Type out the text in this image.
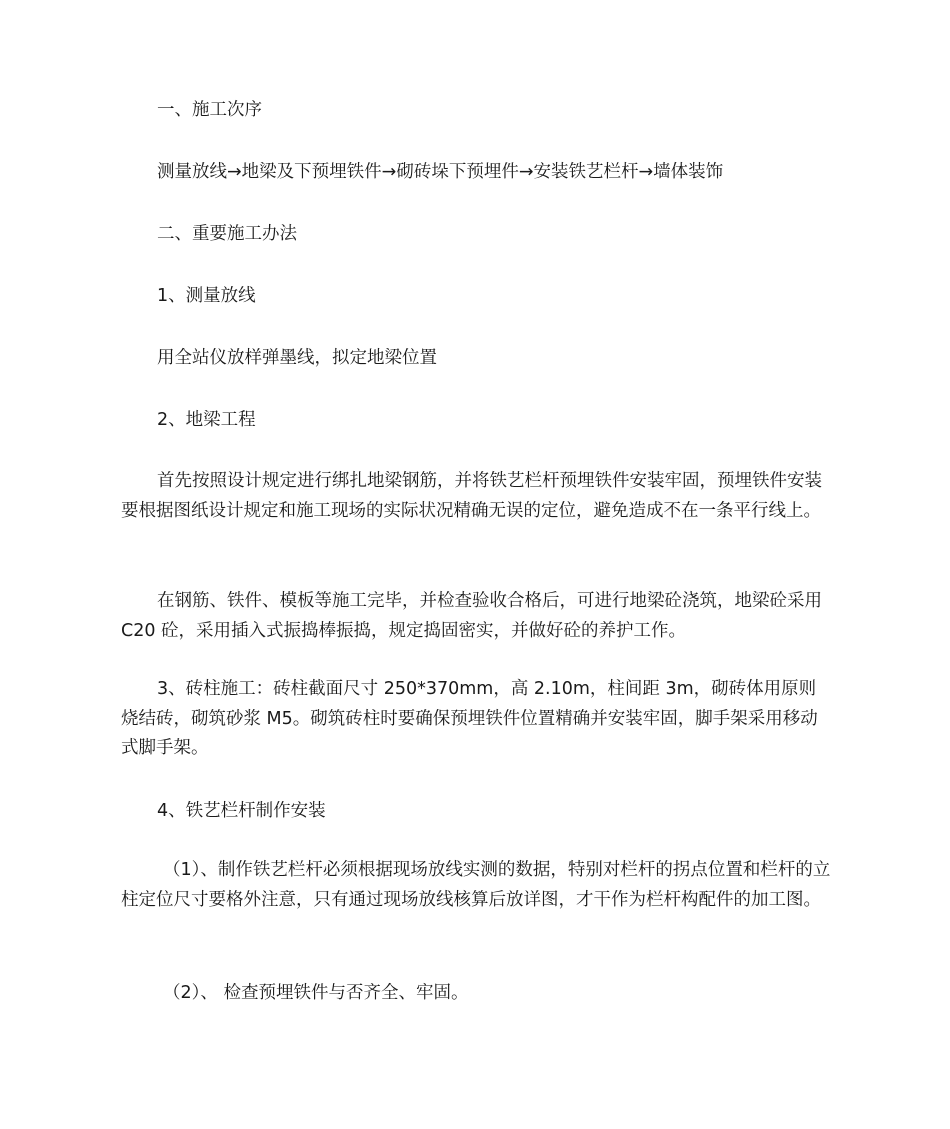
一、施工次序
测量放线→地梁及下预埋铁件→砌砖垛下预埋件→安装铁艺栏杆→墙体装饰
二、重要施工办法
1、测量放线
用全站仪放样弹墨线，拟定地梁位置
2、地梁工程
首先按照设计规定进行绑扎地梁钢筋，并将铁艺栏杆预埋铁件安装牢固，预埋铁件安装要根据图纸设计规定和施工现场的实际状况精确无误的定位，避免造成不在一条平行线上。
在钢筋、铁件、模板等施工完毕，并检查验收合格后，可进行地梁砼浇筑，地梁砼采用 C20 砼，采用插入式振捣棒振捣，规定捣固密实，并做好砼的养护工作。
3、砖柱施工：砖柱截面尺寸 250*370mm，高 2.10m，柱间距 3m，砌砖体用原则烧结砖，砌筑砂浆 M5。砌筑砖柱时要确保预埋铁件位置精确并安装牢固，脚手架采用移动式脚手架。
4、铁艺栏杆制作安装
（1）、制作铁艺栏杆必须根据现场放线实测的数据，特别对栏杆的拐点位置和栏杆的立柱定位尺寸要格外注意，只有通过现场放线核算后放详图，才干作为栏杆构配件的加工图。
（2）、 检查预埋铁件与否齐全、牢固。
